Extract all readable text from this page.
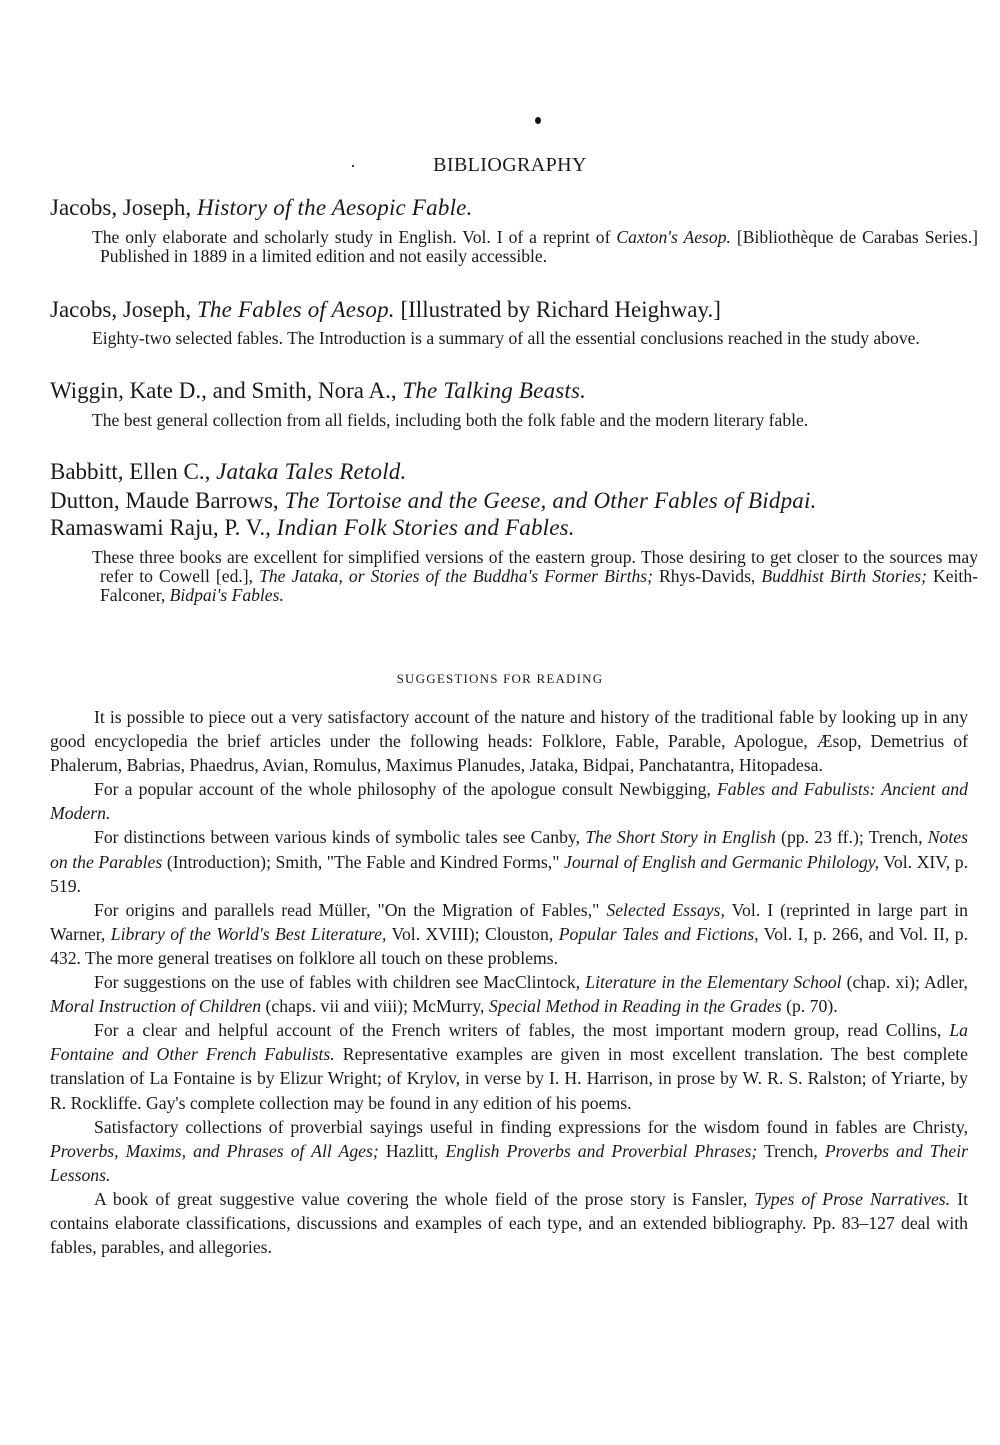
BIBLIOGRAPHY
Jacobs, Joseph, History of the Aesopic Fable.
The only elaborate and scholarly study in English. Vol. I of a reprint of Caxton's Aesop. [Bibliothèque de Carabas Series.] Published in 1889 in a limited edition and not easily accessible.
Jacobs, Joseph, The Fables of Aesop. [Illustrated by Richard Heighway.]
Eighty-two selected fables. The Introduction is a summary of all the essential conclusions reached in the study above.
Wiggin, Kate D., and Smith, Nora A., The Talking Beasts.
The best general collection from all fields, including both the folk fable and the modern literary fable.
Babbitt, Ellen C., Jataka Tales Retold.
Dutton, Maude Barrows, The Tortoise and the Geese, and Other Fables of Bidpai.
Ramaswami Raju, P. V., Indian Folk Stories and Fables.
These three books are excellent for simplified versions of the eastern group. Those desiring to get closer to the sources may refer to Cowell [ed.], The Jataka, or Stories of the Buddha's Former Births; Rhys-Davids, Buddhist Birth Stories; Keith-Falconer, Bidpai's Fables.
SUGGESTIONS FOR READING

It is possible to piece out a very satisfactory account of the nature and history of the traditional fable by looking up in any good encyclopedia the brief articles under the following heads: Folklore, Fable, Parable, Apologue, Æsop, Demetrius of Phalerum, Babrias, Phaedrus, Avian, Romulus, Maximus Planudes, Jataka, Bidpai, Panchatantra, Hitopadesa.

For a popular account of the whole philosophy of the apologue consult Newbigging, Fables and Fabulists: Ancient and Modern.

For distinctions between various kinds of symbolic tales see Canby, The Short Story in English (pp. 23 ff.); Trench, Notes on the Parables (Introduction); Smith, "The Fable and Kindred Forms," Journal of English and Germanic Philology, Vol. XIV, p. 519.

For origins and parallels read Müller, "On the Migration of Fables," Selected Essays, Vol. I (reprinted in large part in Warner, Library of the World's Best Literature, Vol. XVIII); Clouston, Popular Tales and Fictions, Vol. I, p. 266, and Vol. II, p. 432. The more general treatises on folklore all touch on these problems.

For suggestions on the use of fables with children see MacClintock, Literature in the Elementary School (chap. xi); Adler, Moral Instruction of Children (chaps. vii and viii); McMurry, Special Method in Reading in the Grades (p. 70).

For a clear and helpful account of the French writers of fables, the most important modern group, read Collins, La Fontaine and Other French Fabulists. Representative examples are given in most excellent translation. The best complete translation of La Fontaine is by Elizur Wright; of Krylov, in verse by I. H. Harrison, in prose by W. R. S. Ralston; of Yriarte, by R. Rockliffe. Gay's complete collection may be found in any edition of his poems.

Satisfactory collections of proverbial sayings useful in finding expressions for the wisdom found in fables are Christy, Proverbs, Maxims, and Phrases of All Ages; Hazlitt, English Proverbs and Proverbial Phrases; Trench, Proverbs and Their Lessons.

A book of great suggestive value covering the whole field of the prose story is Fansler, Types of Prose Narratives. It contains elaborate classifications, discussions and examples of each type, and an extended bibliography. Pp. 83–127 deal with fables, parables, and allegories.
